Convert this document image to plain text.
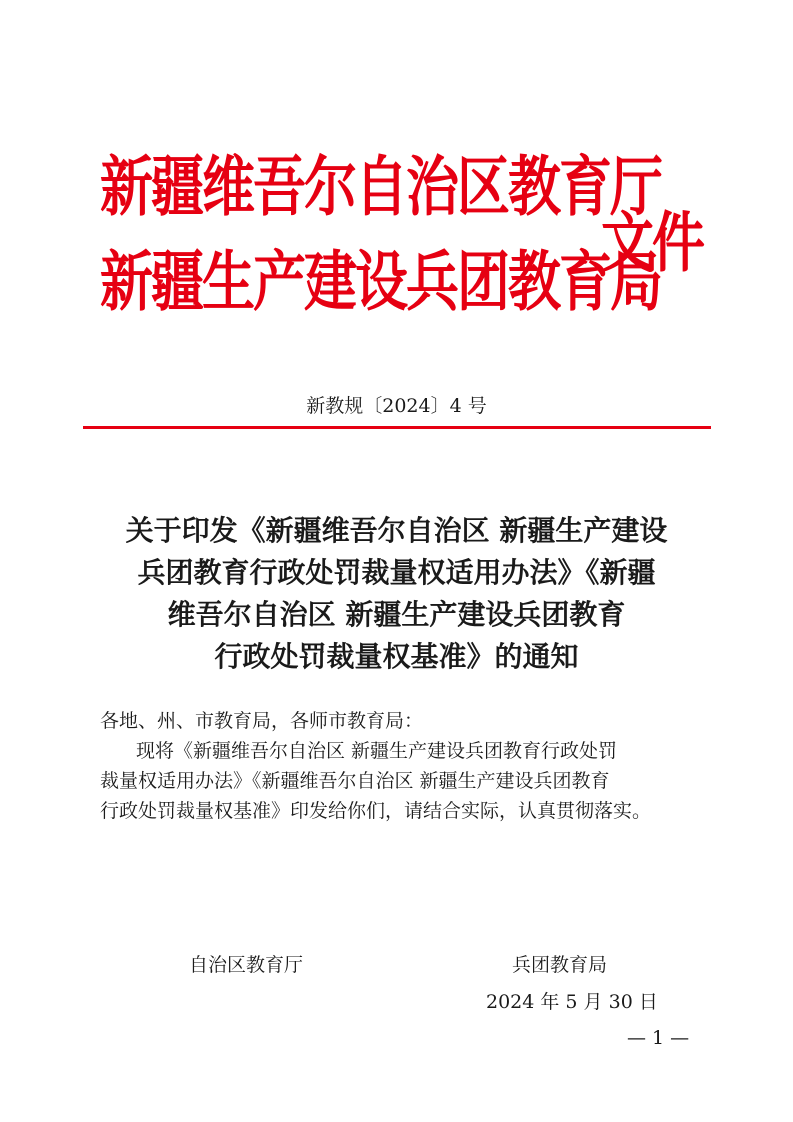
新疆维吾尔自治区教育厅
新疆生产建设兵团教育局
文件
新教规〔2024〕4 号
关于印发《新疆维吾尔自治区 新疆生产建设
兵团教育行政处罚裁量权适用办法》《新疆
维吾尔自治区 新疆生产建设兵团教育
行政处罚裁量权基准》的通知

各地、州、市教育局，各师市教育局：

现将《新疆维吾尔自治区 新疆生产建设兵团教育行政处罚

裁量权适用办法》《新疆维吾尔自治区 新疆生产建设兵团教育

行政处罚裁量权基准》印发给你们，请结合实际，认真贯彻落实。

自治区教育厅	兵团教育局
2024 年 5 月 30 日
— 1 —
